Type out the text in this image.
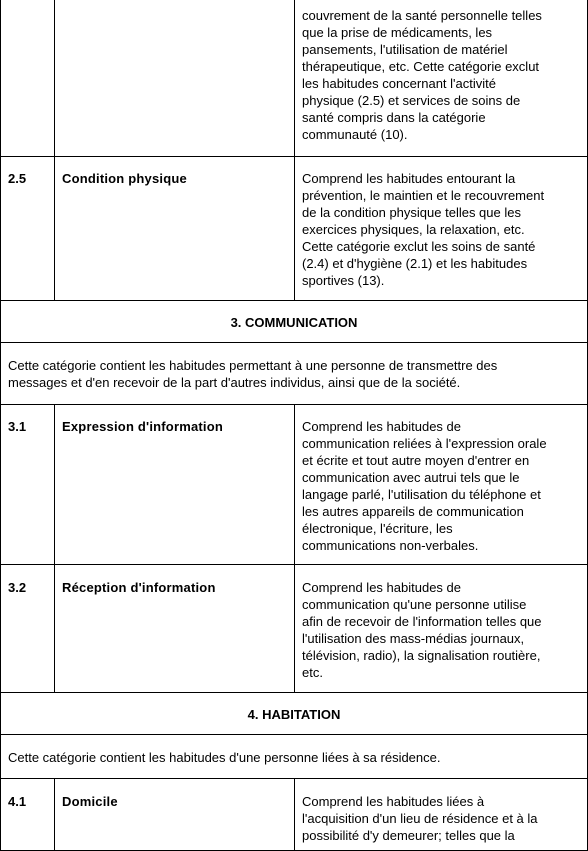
couvrement de la santé personnelle telles
que la prise de médicaments, les
pansements, l'utilisation de matériel
thérapeutique, etc. Cette catégorie exclut
les habitudes concernant l'activité
physique (2.5) et services de soins de
santé compris dans la catégorie
communauté (10).
2.5	Condition physique	Comprend les habitudes entourant la
prévention, le maintien et le recouvrement
de la condition physique telles que les
exercices physiques, la relaxation, etc.
Cette catégorie exclut les soins de santé
(2.4) et d'hygiène (2.1) et les habitudes
sportives (13).
3. COMMUNICATION
Cette catégorie contient les habitudes permettant à une personne de transmettre des
messages et d'en recevoir de la part d'autres individus, ainsi que de la société.
3.1	Expression d'information	Comprend les habitudes de
communication reliées à l'expression orale
et écrite et tout autre moyen d'entrer en
communication avec autrui tels que le
langage parlé, l'utilisation du téléphone et
les autres appareils de communication
électronique, l'écriture, les
communications non-verbales.
3.2	Réception d'information	Comprend les habitudes de
communication qu'une personne utilise
afin de recevoir de l'information telles que
l'utilisation des mass-médias journaux,
télévision, radio), la signalisation routière,
etc.
4. HABITATION
Cette catégorie contient les habitudes d'une personne liées à sa résidence.
4.1	Domicile	Comprend les habitudes liées à
l'acquisition d'un lieu de résidence et à la
possibilité d'y demeurer; telles que la
